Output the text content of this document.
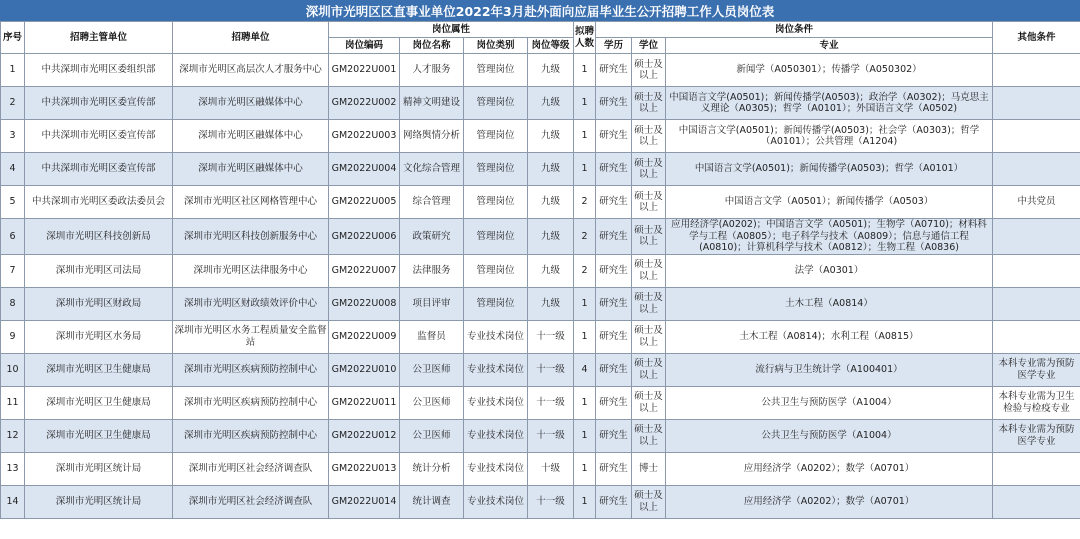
深圳市光明区区直事业单位2022年3月赴外面向应届毕业生公开招聘工作人员岗位表
序号	招聘主管单位	招聘单位	岗位属性				拟聘人数	岗位条件			其他条件
			岗位编码	岗位名称	岗位类别	岗位等级		学历	学位	专业	
1	中共深圳市光明区委组织部	深圳市光明区高层次人才服务中心	GM2022U001	人才服务	管理岗位	九级	1	研究生	硕士及以上	新闻学（A050301）；传播学（A050302）	
2	中共深圳市光明区委宣传部	深圳市光明区融媒体中心	GM2022U002	精神文明建设	管理岗位	九级	1	研究生	硕士及以上	中国语言文学(A0501)；新闻传播学(A0503)；政治学（A0302)；马克思主义理论（A0305)；哲学（A0101）；外国语言文学（A0502)	
3	中共深圳市光明区委宣传部	深圳市光明区融媒体中心	GM2022U003	网络舆情分析	管理岗位	九级	1	研究生	硕士及以上	中国语言文学(A0501)；新闻传播学(A0503)；社会学（A0303)；哲学（A0101）；公共管理（A1204)	
4	中共深圳市光明区委宣传部	深圳市光明区融媒体中心	GM2022U004	文化综合管理	管理岗位	九级	1	研究生	硕士及以上	中国语言文学(A0501)；新闻传播学(A0503)；哲学（A0101）	
5	中共深圳市光明区委政法委员会	深圳市光明区社区网格管理中心	GM2022U005	综合管理	管理岗位	九级	2	研究生	硕士及以上	中国语言文学（A0501）；新闻传播学（A0503）	中共党员
6	深圳市光明区科技创新局	深圳市光明区科技创新服务中心	GM2022U006	政策研究	管理岗位	九级	2	研究生	硕士及以上	应用经济学(A0202)；中国语言文学（A0501)；生物学（A0710)；材料科学与工程（A0805）；电子科学与技术（A0809）；信息与通信工程(A0810)；计算机科学与技术（A0812）；生物工程（A0836)	
7	深圳市光明区司法局	深圳市光明区法律服务中心	GM2022U007	法律服务	管理岗位	九级	2	研究生	硕士及以上	法学（A0301）	
8	深圳市光明区财政局	深圳市光明区财政绩效评价中心	GM2022U008	项目评审	管理岗位	九级	1	研究生	硕士及以上	土木工程（A0814）	
9	深圳市光明区水务局	深圳市光明区水务工程质量安全监督站	GM2022U009	监督员	专业技术岗位	十一级	1	研究生	硕士及以上	土木工程（A0814)；水利工程（A0815）	
10	深圳市光明区卫生健康局	深圳市光明区疾病预防控制中心	GM2022U010	公卫医师	专业技术岗位	十一级	4	研究生	硕士及以上	流行病与卫生统计学（A100401）	本科专业需为预防医学专业
11	深圳市光明区卫生健康局	深圳市光明区疾病预防控制中心	GM2022U011	公卫医师	专业技术岗位	十一级	1	研究生	硕士及以上	公共卫生与预防医学（A1004）	本科专业需为卫生检验与检疫专业
12	深圳市光明区卫生健康局	深圳市光明区疾病预防控制中心	GM2022U012	公卫医师	专业技术岗位	十一级	1	研究生	硕士及以上	公共卫生与预防医学（A1004）	本科专业需为预防医学专业
13	深圳市光明区统计局	深圳市光明区社会经济调查队	GM2022U013	统计分析	专业技术岗位	十级	1	研究生	博士	应用经济学（A0202）；数学（A0701）	
14	深圳市光明区统计局	深圳市光明区社会经济调查队	GM2022U014	统计调查	专业技术岗位	十一级	1	研究生	硕士及以上	应用经济学（A0202）；数学（A0701）	
